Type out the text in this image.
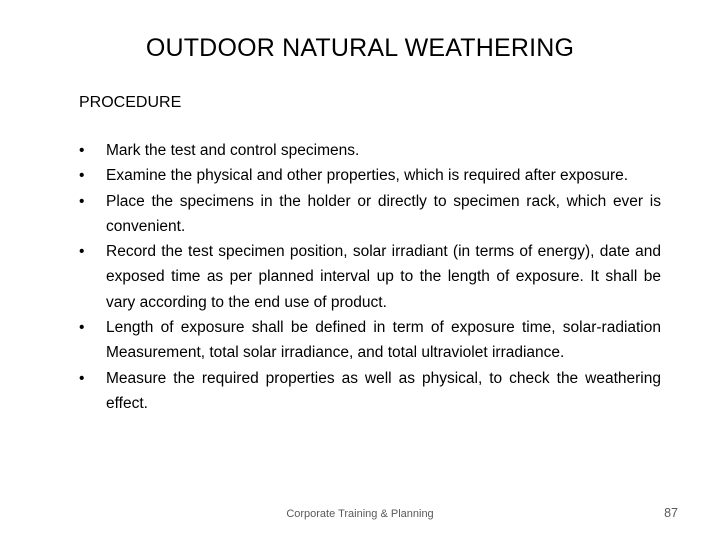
OUTDOOR NATURAL WEATHERING
PROCEDURE
•	Mark the test and control specimens.
•	Examine the physical and other properties, which is required after exposure.
•	Place the specimens in the holder or directly to specimen rack, which ever is convenient.
•	Record the test specimen position, solar irradiant (in terms of energy), date and exposed time as per planned interval up to the length of exposure. It shall be vary according to the end use of product.
•	Length of exposure shall be defined in term of exposure time, solar-radiation Measurement, total solar irradiance, and total ultraviolet irradiance.
•	Measure the required properties as well as physical, to check the weathering effect.
Corporate Training & Planning	87
